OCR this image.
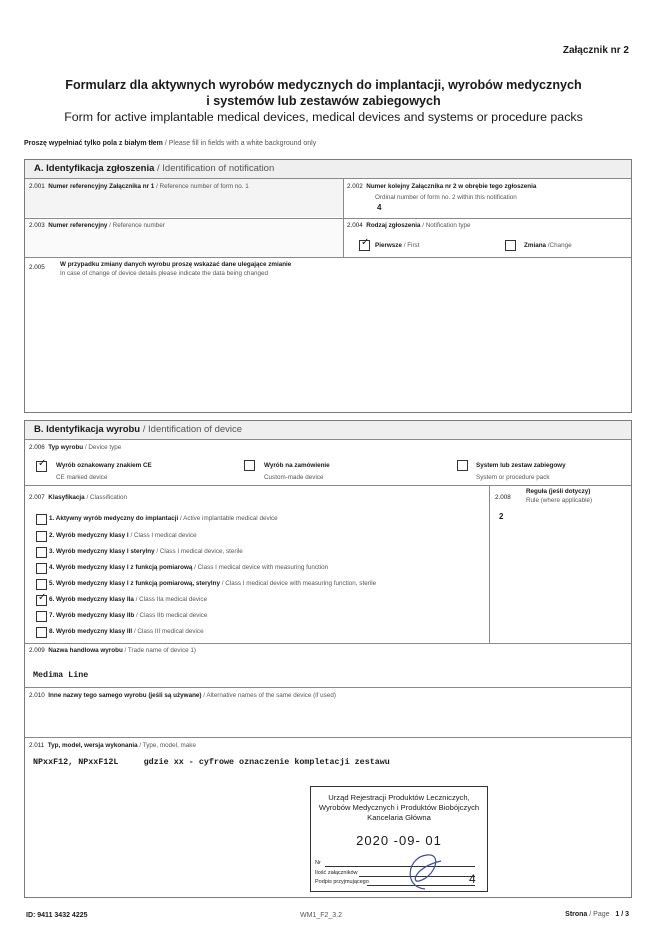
Załącznik nr 2
Formularz dla aktywnych wyrobów medycznych do implantacji, wyrobów medycznych
i systemów lub zestawów zabiegowych
Form for active implantable medical devices, medical devices and systems or procedure packs
Proszę wypełniać tylko pola z białym tłem / Please fill in fields with a white background only
A. Identyfikacja zgłoszenia / Identification of notification
2.001 Numer referencyjny Załącznika nr 1 / Reference number of form no. 1	2.002 Numer kolejny Załącznika nr 2 w obrębie tego zgłoszenia
Ordinal number of form no. 2 within this notification
4
2.003 Numer referencyjny / Reference number	2.004 Rodzaj zgłoszenia / Notification type
✓ Pierwsze / First	Zmiana /Change
2.005 W przypadku zmiany danych wyrobu proszę wskazać dane ulegające zmianie
In case of change of device details please indicate the data being changed
B. Identyfikacja wyrobu / Identification of device
2.006 Typ wyrobu / Device type
✓ Wyrób oznakowany znakiem CE
CE marked device
Wyrób na zamówienie
Custom-made device
System lub zestaw zabiegowy
System or procedure pack
2.007 Klasyfikacja / Classification	2.008
Reguła (jeśli dotyczy)
Rule (where applicable)
2
1. Aktywny wyrób medyczny do implantacji / Active implantable medical device
2. Wyrób medyczny klasy I / Class I medical device
3. Wyrób medyczny klasy I sterylny / Class I medical device, sterile
4. Wyrób medyczny klasy I z funkcją pomiarową / Class I medical device with measuring function
5. Wyrób medyczny klasy I z funkcją pomiarową, sterylny / Class I medical device with measuring function, sterile
✓ 6. Wyrób medyczny klasy IIa / Class IIa medical device
7. Wyrób medyczny klasy IIb / Class IIb medical device
8. Wyrób medyczny klasy III / Class III medical device
2.009 Nazwa handlowa wyrobu / Trade name of device 1)
Medima Line
2.010 Inne nazwy tego samego wyrobu (jeśli są używane) / Alternative names of the same device (if used)
2.011 Typ, model, wersja wykonania / Type, model, make
NPxxF12, NPxxF12L     gdzie xx - cyfrowe oznaczenie kompletacji zestawu
Urząd Rejestracji Produktów Leczniczych,
Wyrobów Medycznych i Produktów Biobójczych
Kancelaria Główna
2020 -09- 01
Nr
Ilość załączników
Podpis przyjmującego	4
ID: 9411 3432 4225	WM1_F2_3.2	Strona / Page 1 / 3
